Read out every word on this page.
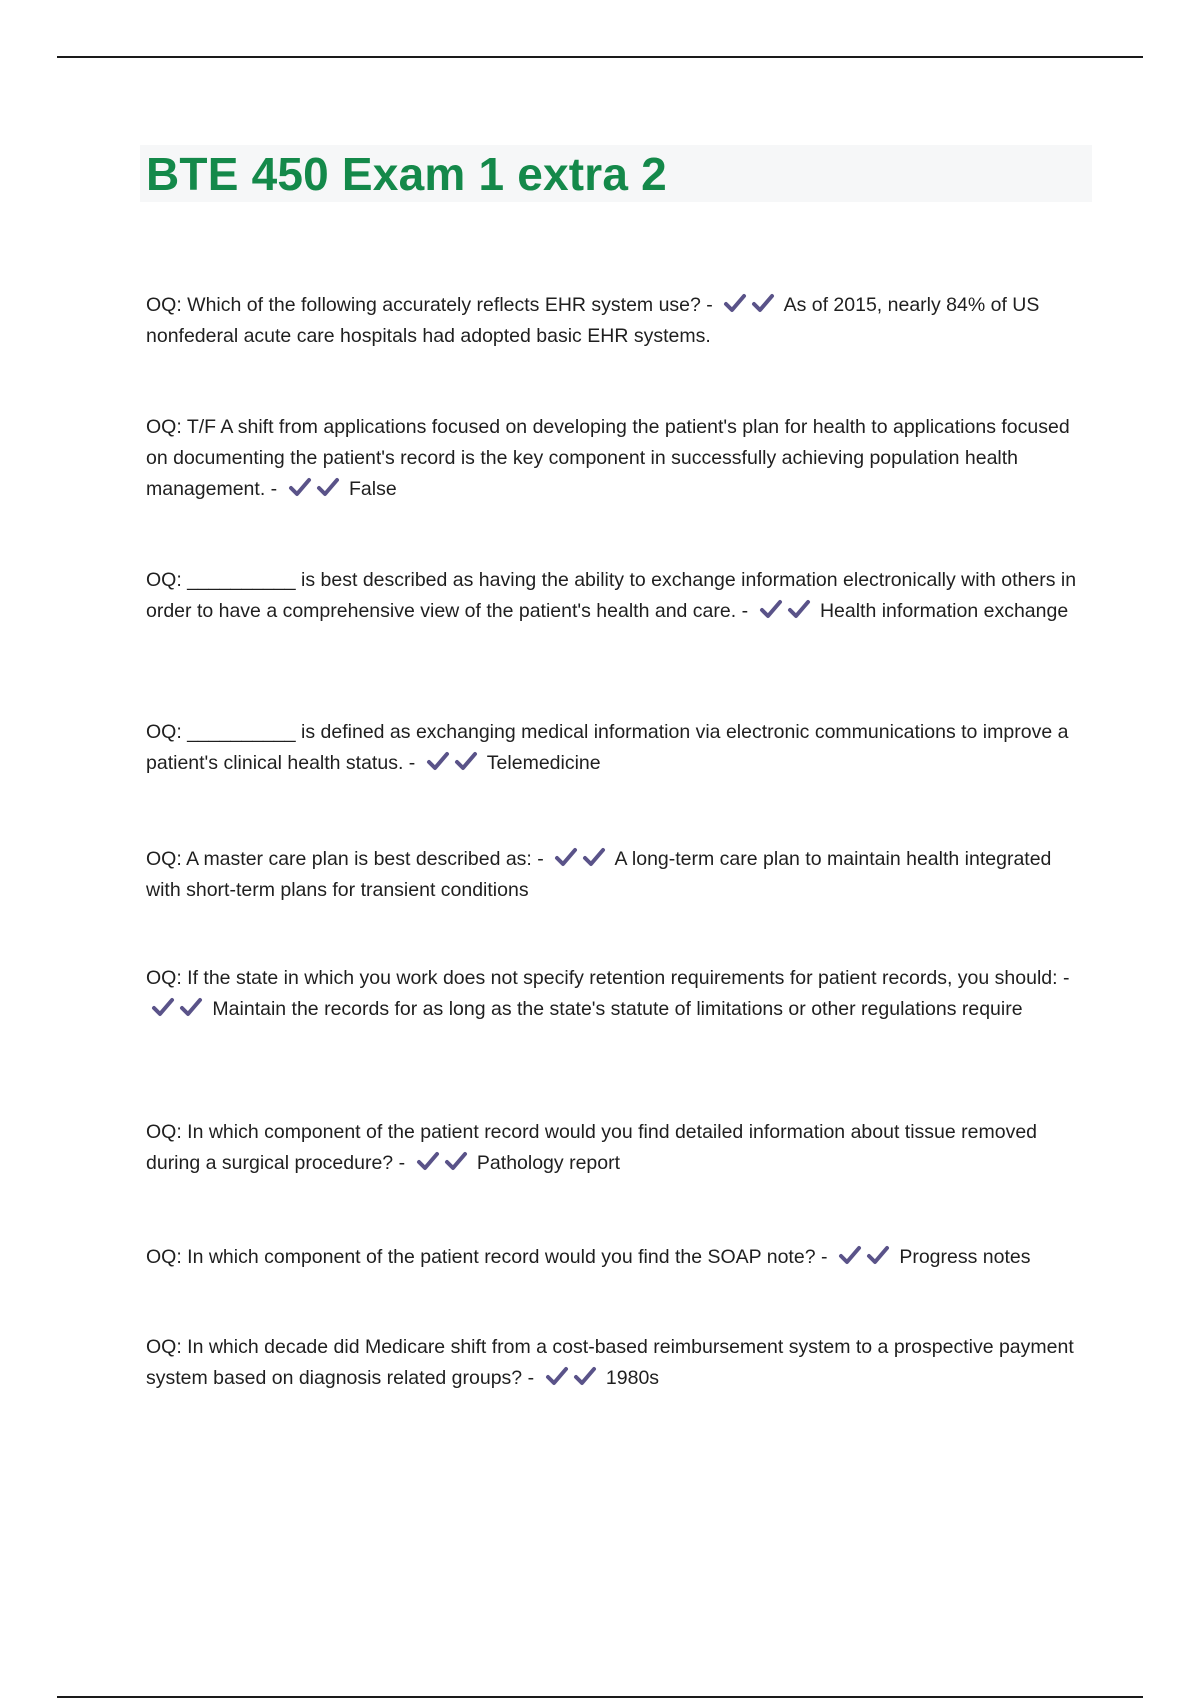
BTE 450 Exam 1 extra 2

OQ: Which of the following accurately reflects EHR system use? -	As of 2015, nearly 84% of US nonfederal acute care hospitals had adopted basic EHR systems.

OQ: T/F A shift from applications focused on developing the patient's plan for health to applications focused on documenting the patient's record is the key component in successfully achieving population health management. -	False

OQ: __________ is best described as having the ability to exchange information electronically with others in order to have a comprehensive view of the patient's health and care. -	Health information exchange

OQ: __________ is defined as exchanging medical information via electronic communications to improve a patient's clinical health status. -	Telemedicine

OQ: A master care plan is best described as: -	A long-term care plan to maintain health integrated with short-term plans for transient conditions

OQ: If the state in which you work does not specify retention requirements for patient records, you should: -
Maintain the records for as long as the state's statute of limitations or other regulations require

OQ: In which component of the patient record would you find detailed information about tissue removed during a surgical procedure? -	Pathology report

OQ: In which component of the patient record would you find the SOAP note? -	Progress notes

OQ: In which decade did Medicare shift from a cost-based reimbursement system to a prospective payment system based on diagnosis related groups? -	1980s
